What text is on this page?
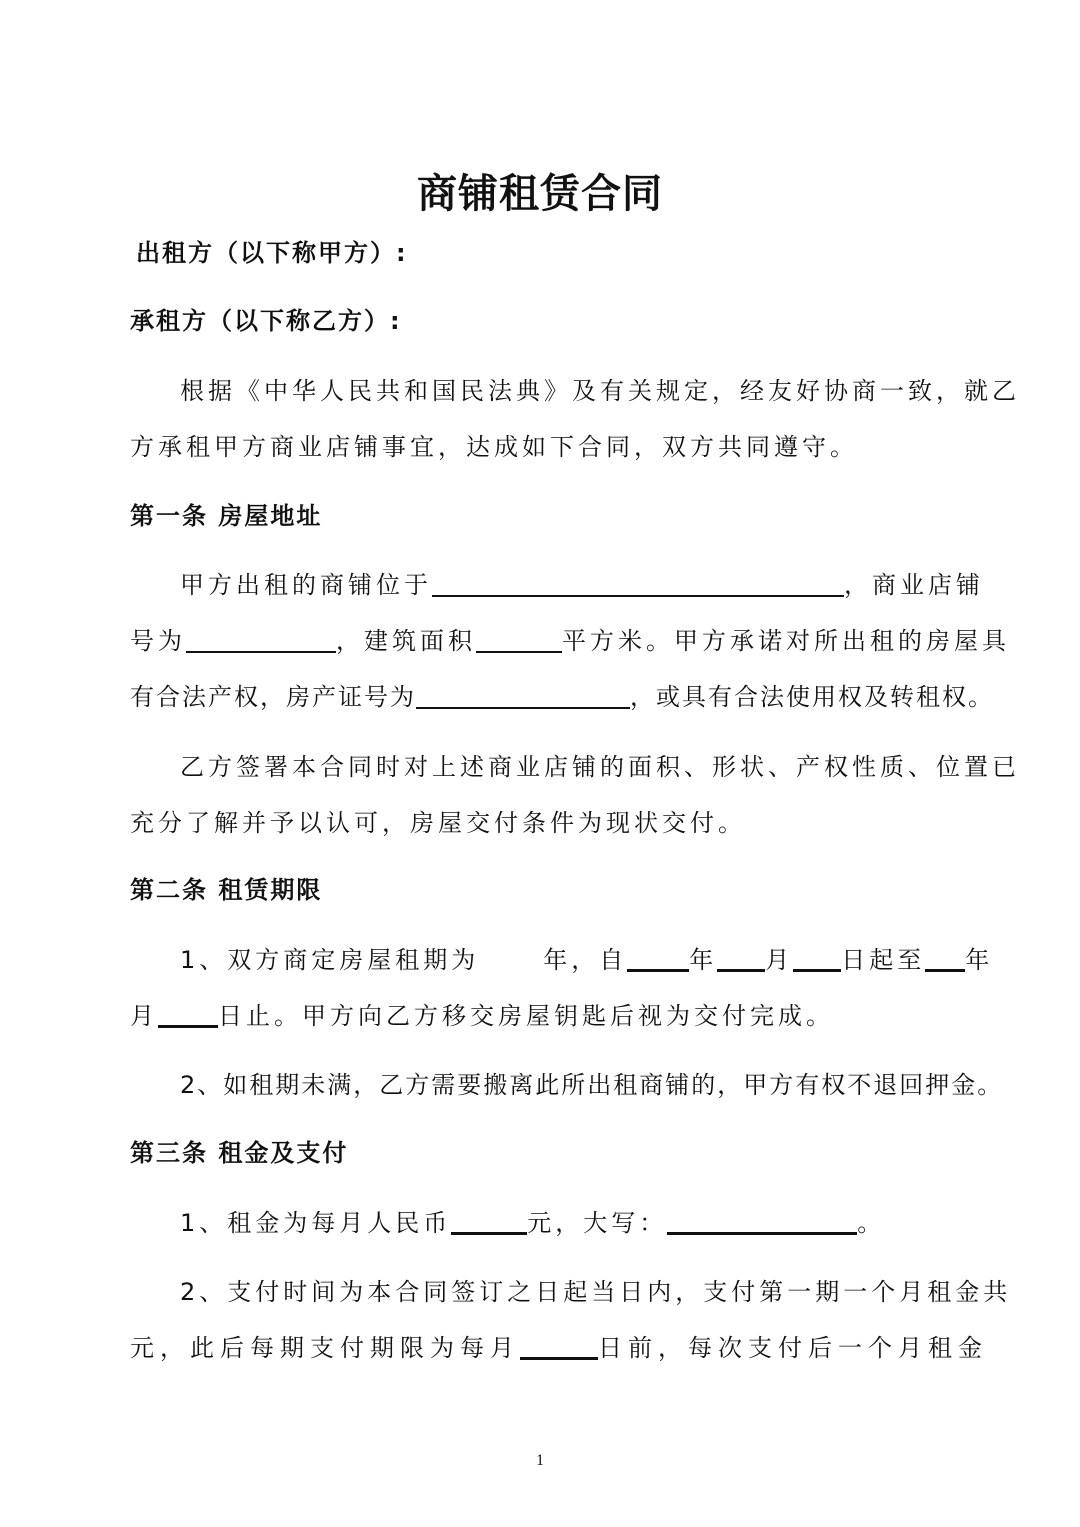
商铺租赁合同
出租方（以下称甲方）:
承租方（以下称乙方）:
根据《中华人民共和国民法典》及有关规定，经友好协商一致，就乙
方承租甲方商业店铺事宜，达成如下合同，双方共同遵守。
第一条 房屋地址
甲方出租的商铺位于	，商业店铺
号为	，建筑面积	平方米。甲方承诺对所出租的房屋具
有合法产权，房产证号为	，或具有合法使用权及转租权。
乙方签署本合同时对上述商业店铺的面积、形状、产权性质、位置已
充分了解并予以认可，房屋交付条件为现状交付。
第二条 租赁期限
1、双方商定房屋租期为	年，自	年 月 日起至 年
月	日止。甲方向乙方移交房屋钥匙后视为交付完成。
2、如租期未满，乙方需要搬离此所出租商铺的，甲方有权不退回押金。
第三条 租金及支付
1、租金为每月人民币	元，大写：	。
2、支付时间为本合同签订之日起当日内，支付第一期一个月租金共
元，此后每期支付期限为每月	日前，每次支付后一个月租金
1
